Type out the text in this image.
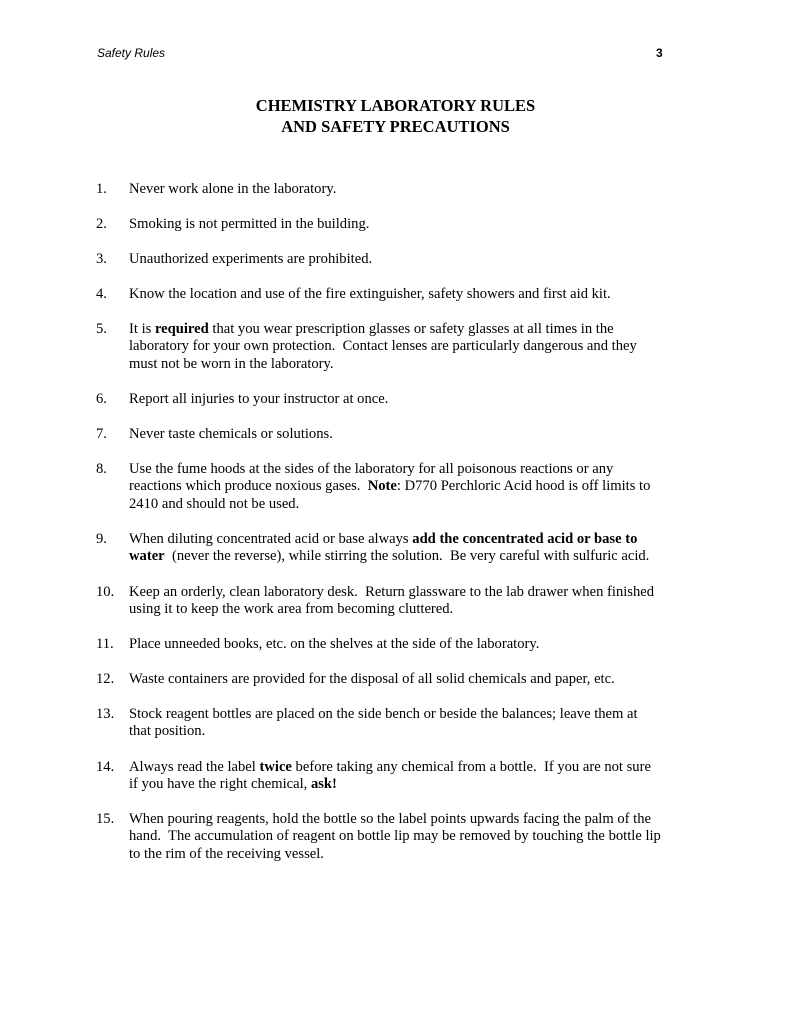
Safety Rules	3
CHEMISTRY LABORATORY RULES
AND SAFETY PRECAUTIONS
1. Never work alone in the laboratory.
2. Smoking is not permitted in the building.
3. Unauthorized experiments are prohibited.
4. Know the location and use of the fire extinguisher, safety showers and first aid kit.
5. It is required that you wear prescription glasses or safety glasses at all times in the
laboratory for your own protection.  Contact lenses are particularly dangerous and they
must not be worn in the laboratory.
6. Report all injuries to your instructor at once.
7. Never taste chemicals or solutions.
8. Use the fume hoods at the sides of the laboratory for all poisonous reactions or any
reactions which produce noxious gases.  Note: D770 Perchloric Acid hood is off limits to
2410 and should not be used.
9. When diluting concentrated acid or base always add the concentrated acid or base to
water  (never the reverse), while stirring the solution.  Be very careful with sulfuric acid.
10. Keep an orderly, clean laboratory desk.  Return glassware to the lab drawer when finished
using it to keep the work area from becoming cluttered.
11. Place unneeded books, etc. on the shelves at the side of the laboratory.
12. Waste containers are provided for the disposal of all solid chemicals and paper, etc.
13. Stock reagent bottles are placed on the side bench or beside the balances; leave them at
that position.
14. Always read the label twice before taking any chemical from a bottle.  If you are not sure
if you have the right chemical, ask!
15. When pouring reagents, hold the bottle so the label points upwards facing the palm of the
hand.  The accumulation of reagent on bottle lip may be removed by touching the bottle lip
to the rim of the receiving vessel.
